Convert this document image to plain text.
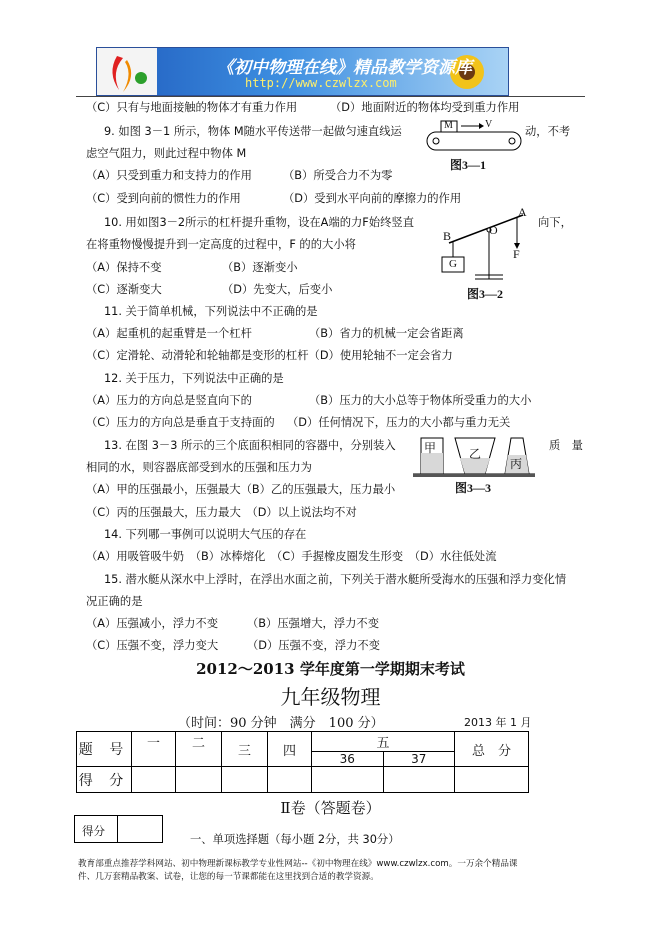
《初中物理在线》精品教学资源库
http://www.czwlzx.com
（C）只有与地面接触的物体才有重力作用	（D）地面附近的物体均受到重力作用
9. 如图 3－1 所示，物体 M随水平传送带一起做匀速直线运	动，不考
虑空气阻力，则此过程中物体 M
（A）只受到重力和支持力的作用	（B）所受合力不为零
（C）受到向前的惯性力的作用	（D）受到水平向前的摩擦力的作用
M	V
图3—1
10. 用如图3－2所示的杠杆提升重物，设在A端的力F始终竖直	向下，
在将重物慢慢提升到一定高度的过程中，F 的的大小将
（A）保持不变	（B）逐渐变小
（C）逐渐变大	（D）先变大，后变小
B	O
A
F
G
图3—2
11. 关于简单机械，下列说法中不正确的是
（A）起重机的起重臂是一个杠杆	（B）省力的机械一定会省距离
（C）定滑轮、动滑轮和轮轴都是变形的杠杆（D）使用轮轴不一定会省力
12. 关于压力，下列说法中正确的是
（A）压力的方向总是竖直向下的	（B）压力的大小总等于物体所受重力的大小
（C）压力的方向总是垂直于支持面的 （D）任何情况下，压力的大小都与重力无关
13. 在图 3－3 所示的三个底面积相同的容器中，分别装入	质　量
相同的水，则容器底部受到水的压强和压力为
（A）甲的压强最小，压强最大（B）乙的压强最大，压力最小
（C）丙的压强最大，压力最大　（D）以上说法均不对
甲	乙
丙
图3—3
14. 下列哪一事例可以说明大气压的存在
（A）用吸管吸牛奶　（B）冰棒熔化　（C）手握橡皮圈发生形变　（D）水往低处流
15. 潜水艇从深水中上浮时，在浮出水面之前，下列关于潜水艇所受海水的压强和浮力变化情
况正确的是
（A）压强减小，浮力不变	（B）压强增大，浮力不变
（C）压强不变，浮力变大	（D）压强不变，浮力不变
2012～2013 学年度第一学期期末考试
九年级物理
（时间：90 分钟　满分　100 分）	2013 年 1 月
题 号	一	二	三	四	五		总　分
					36	37	
得 分							
Ⅱ卷（答题卷）
得分
一、单项选择题（每小题 2分，共 30分）
教育部重点推荐学科网站、初中物理新课标教学专业性网站--《初中物理在线》www.czwlzx.com。一万余个精品课
件、几万套精品教案、试卷，让您的每一节课都能在这里找到合适的教学资源。
